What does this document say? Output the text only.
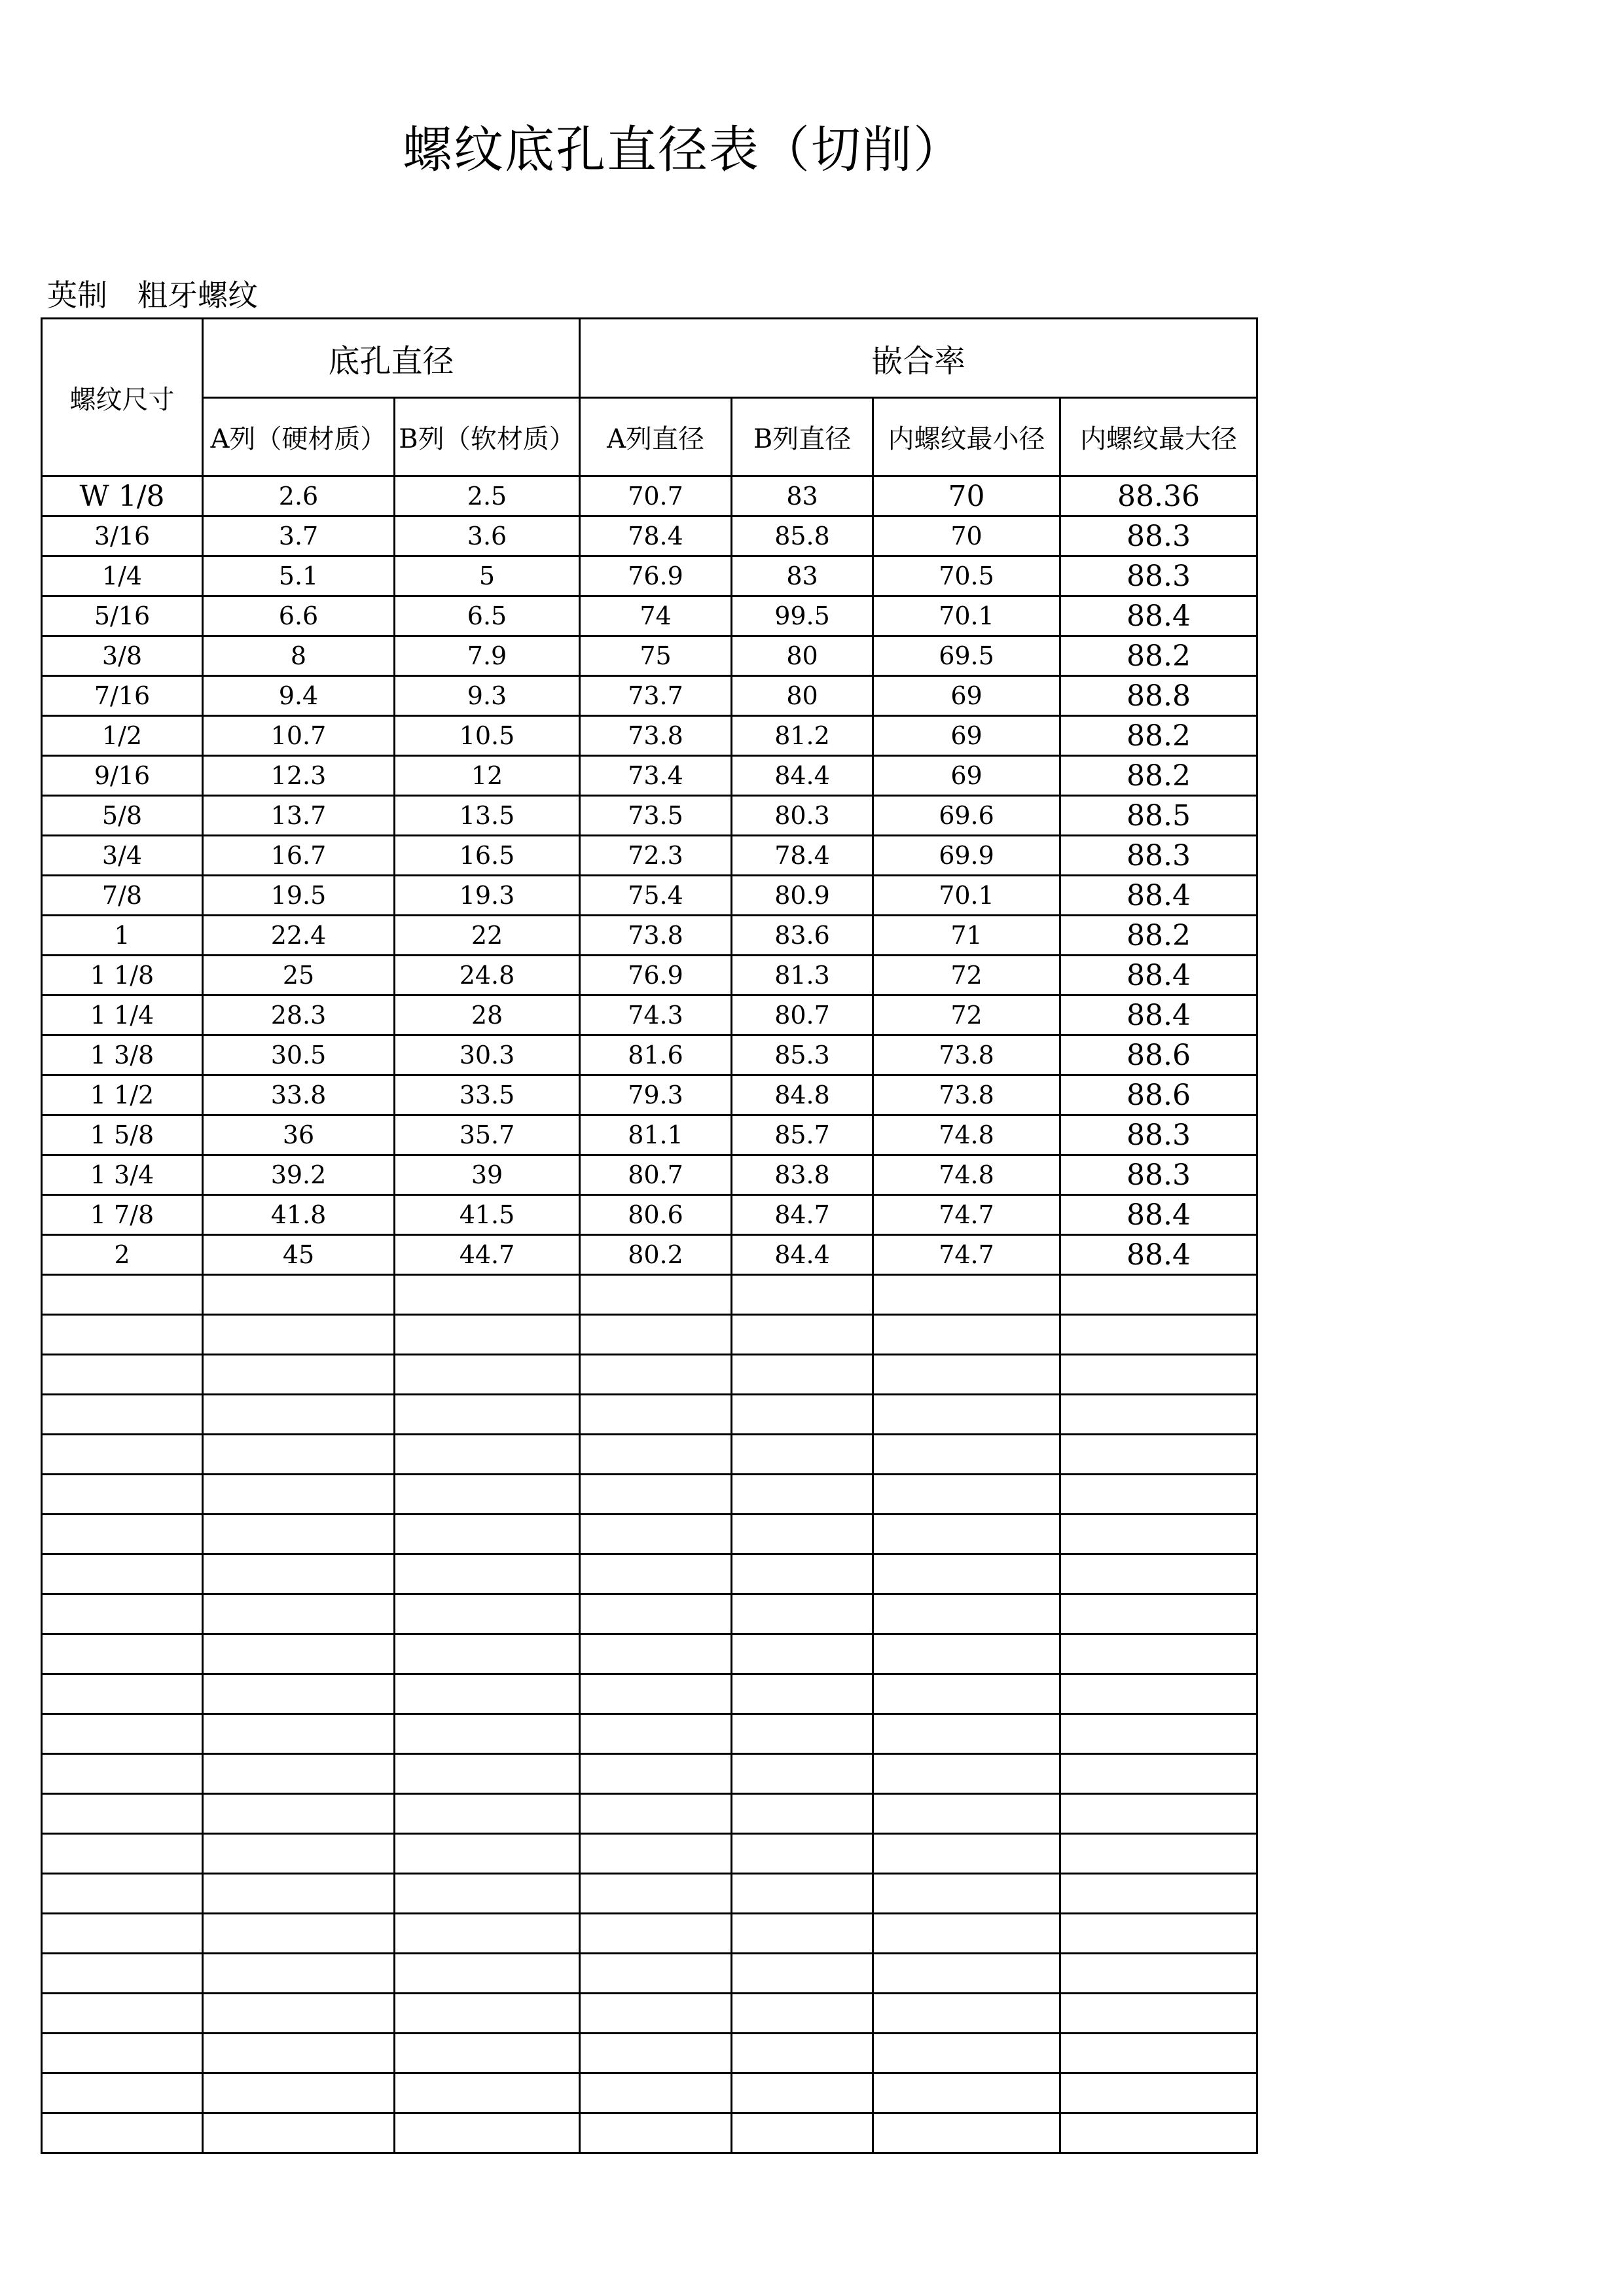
螺纹底孔直径表（切削）
英制　粗牙螺纹
螺纹尺寸	底孔直径		嵌合率			
	A列（硬材质）	B列（软材质）	A列直径	B列直径	内螺纹最小径	内螺纹最大径
W 1/8	2.6	2.5	70.7	83	70	88.36
3/16	3.7	3.6	78.4	85.8	70	88.3
1/4	5.1	5	76.9	83	70.5	88.3
5/16	6.6	6.5	74	99.5	70.1	88.4
3/8	8	7.9	75	80	69.5	88.2
7/16	9.4	9.3	73.7	80	69	88.8
1/2	10.7	10.5	73.8	81.2	69	88.2
9/16	12.3	12	73.4	84.4	69	88.2
5/8	13.7	13.5	73.5	80.3	69.6	88.5
3/4	16.7	16.5	72.3	78.4	69.9	88.3
7/8	19.5	19.3	75.4	80.9	70.1	88.4
1	22.4	22	73.8	83.6	71	88.2
1 1/8	25	24.8	76.9	81.3	72	88.4
1 1/4	28.3	28	74.3	80.7	72	88.4
1 3/8	30.5	30.3	81.6	85.3	73.8	88.6
1 1/2	33.8	33.5	79.3	84.8	73.8	88.6
1 5/8	36	35.7	81.1	85.7	74.8	88.3
1 3/4	39.2	39	80.7	83.8	74.8	88.3
1 7/8	41.8	41.5	80.6	84.7	74.7	88.4
2	45	44.7	80.2	84.4	74.7	88.4
